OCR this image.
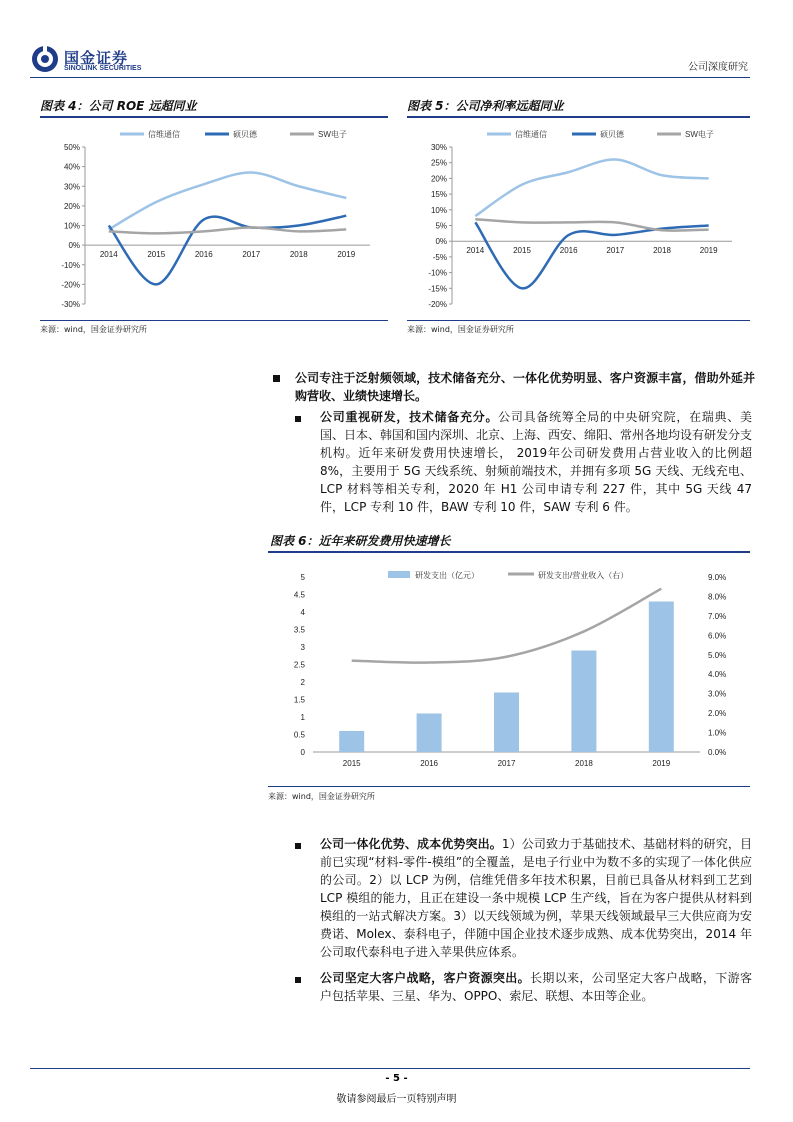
国金证券
SINOLINK SECURITIES	公司深度研究
图表 4：公司 ROE 远超同业
信维通信	硕贝德	SW电子
-30%
-20%
-10%
0%
10%
20%
30%
40%
50%
2014	2015	2016	2017	2018	2019
来源：wind，国金证券研究所
图表 5：公司净利率远超同业
信维通信	硕贝德	SW电子
-20%
-15%
-10%
-5%
0%
5%
10%
15%
20%
25%
30%
2014	2015	2016	2017	2018	2019
来源：wind，国金证券研究所
公司专注于泛射频领域，技术储备充分、一体化优势明显、客户资源丰富，借助外延并购营收、业绩快速增长。
公司重视研发，技术储备充分。公司具备统筹全局的中央研究院，在瑞典、美国、日本、韩国和国内深圳、北京、上海、西安、绵阳、常州各地均设有研发分支机构。近年来研发费用快速增长， 2019年公司研发费用占营业收入的比例超 8%，主要用于 5G 天线系统、射频前端技术，并拥有多项 5G 天线、无线充电、 LCP 材料等相关专利，2020 年 H1 公司申请专利 227 件，其中 5G 天线 47 件，LCP 专利 10 件，BAW 专利 10 件，SAW 专利 6 件。
图表 6：近年来研发费用快速增长
研发支出（亿元）	研发支出/营业收入（右）
0
0.5
1
1.5
2
2.5
3
3.5
4
4.5
5
0.0%
1.0%
2.0%
3.0%
4.0%
5.0%
6.0%
7.0%
8.0%
9.0%
2015	2016	2017	2018	2019
来源：wind，国金证券研究所
公司一体化优势、成本优势突出。1）公司致力于基础技术、基础材料的研究，目前已实现“材料-零件-模组”的全覆盖，是电子行业中为数不多的实现了一体化供应的公司。2）以 LCP 为例，信维凭借多年技术积累，目前已具备从材料到工艺到 LCP 模组的能力，且正在建设一条中规模 LCP 生产线，旨在为客户提供从材料到模组的一站式解决方案。3）以天线领域为例，苹果天线领域最早三大供应商为安费诺、Molex、泰科电子，伴随中国企业技术逐步成熟、成本优势突出，2014 年公司取代泰科电子进入苹果供应体系。
公司坚定大客户战略，客户资源突出。长期以来，公司坚定大客户战略，下游客户包括苹果、三星、华为、OPPO、索尼、联想、本田等企业。
- 5 -
敬请参阅最后一页特别声明
